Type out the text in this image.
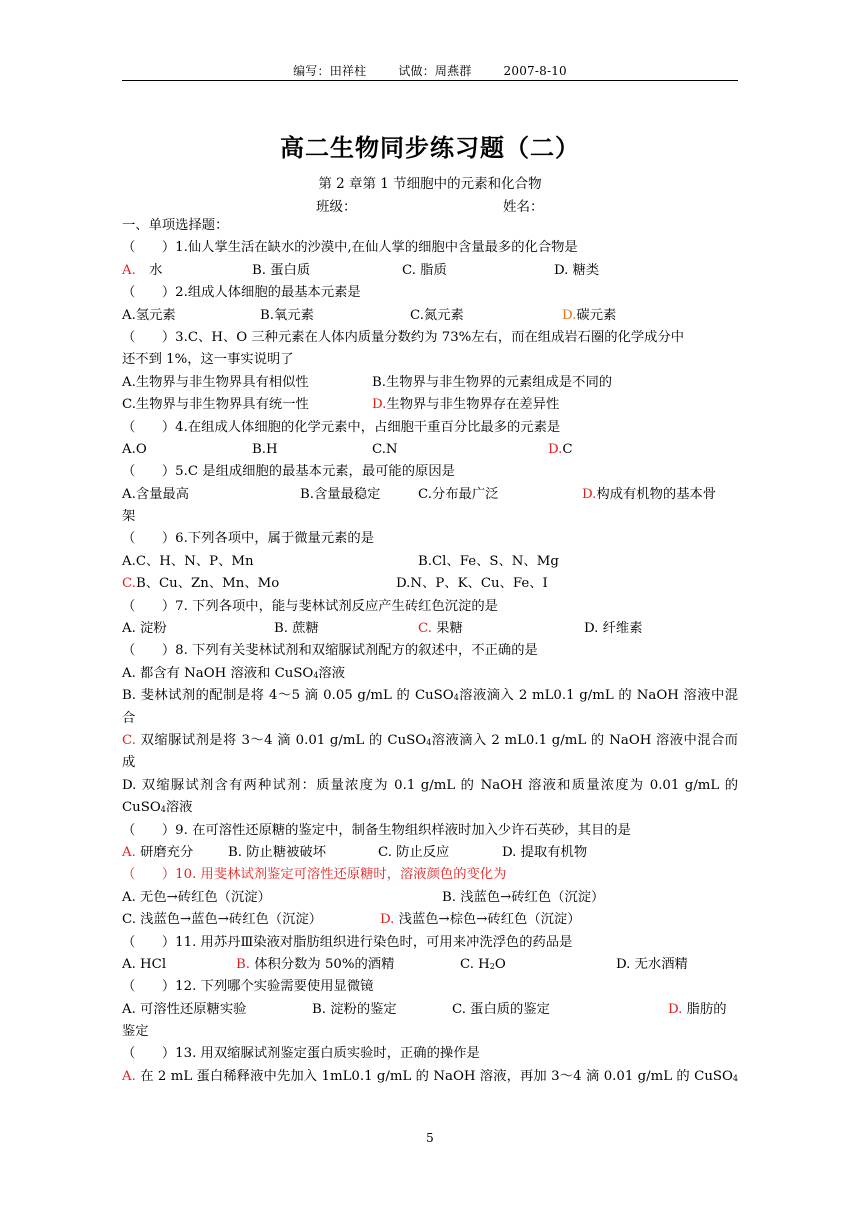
编写：田祥柱	试做：周燕群	2007-8-10
高二生物同步练习题（二）
第 2 章第 1 节细胞中的元素和化合物
班级：	姓名：
一、单项选择题：
（　　）1.仙人掌生活在缺水的沙漠中,在仙人掌的细胞中含量最多的化合物是
A.　水	B. 蛋白质	C. 脂质	D. 糖类
（　　）2.组成人体细胞的最基本元素是
A.氢元素	B.氧元素	C.氮元素	D.碳元素
（　　）3.C、H、O 三种元素在人体内质量分数约为 73%左右，而在组成岩石圈的化学成分中
还不到 1%，这一事实说明了
A.生物界与非生物界具有相似性	B.生物界与非生物界的元素组成是不同的
C.生物界与非生物界具有统一性	D.生物界与非生物界存在差异性
（　　）4.在组成人体细胞的化学元素中，占细胞干重百分比最多的元素是
A.O	B.H	C.N	D.C
（　　）5.C 是组成细胞的最基本元素，最可能的原因是
A.含量最高	B.含量最稳定	C.分布最广泛	D.构成有机物的基本骨
架
（　　）6.下列各项中，属于微量元素的是
A.C、H、N、P、Mn	B.Cl、Fe、S、N、Mg
C.B、Cu、Zn、Mn、Mo	D.N、P、K、Cu、Fe、I
（　　）7. 下列各项中，能与斐林试剂反应产生砖红色沉淀的是
A. 淀粉	B. 蔗糖	C. 果糖	D. 纤维素
（　　）8. 下列有关斐林试剂和双缩脲试剂配方的叙述中，不正确的是
A. 都含有 NaOH 溶液和 CuSO$_4$溶液
B. 斐林试剂的配制是将 4～5 滴 0.05 g/mL 的 CuSO$_4$溶液滴入 2 mL0.1 g/mL 的 NaOH 溶液中混
合
C. 双缩脲试剂是将 3～4 滴 0.01 g/mL 的 CuSO$_4$溶液滴入 2 mL0.1 g/mL 的 NaOH 溶液中混合而
成
D. 双缩脲试剂含有两种试剂：质量浓度为 0.1 g/mL 的 NaOH 溶液和质量浓度为 0.01 g/mL 的
CuSO$_4$溶液
（　　）9. 在可溶性还原糖的鉴定中，制备生物组织样液时加入少许石英砂，其目的是
A. 研磨充分	B. 防止糖被破坏	C. 防止反应	D. 提取有机物
（　　）10. 用斐林试剂鉴定可溶性还原糖时，溶液颜色的变化为
A. 无色→砖红色（沉淀）	B. 浅蓝色→砖红色（沉淀）
C. 浅蓝色→蓝色→砖红色（沉淀）	D. 浅蓝色→棕色→砖红色（沉淀）
（　　）11. 用苏丹Ⅲ染液对脂肪组织进行染色时，可用来冲洗浮色的药品是
A. HCl	B. 体积分数为 50%的酒精	C. $H_2O$	D. 无水酒精
（　　）12. 下列哪个实验需要使用显微镜
A. 可溶性还原糖实验	B. 淀粉的鉴定	C. 蛋白质的鉴定	D. 脂肪的
鉴定
（　　）13. 用双缩脲试剂鉴定蛋白质实验时，正确的操作是
A. 在 2 mL 蛋白稀释液中先加入 1mL0.1 g/mL 的 NaOH 溶液，再加 3～4 滴 0.01 g/mL 的 CuSO$_4$
5
